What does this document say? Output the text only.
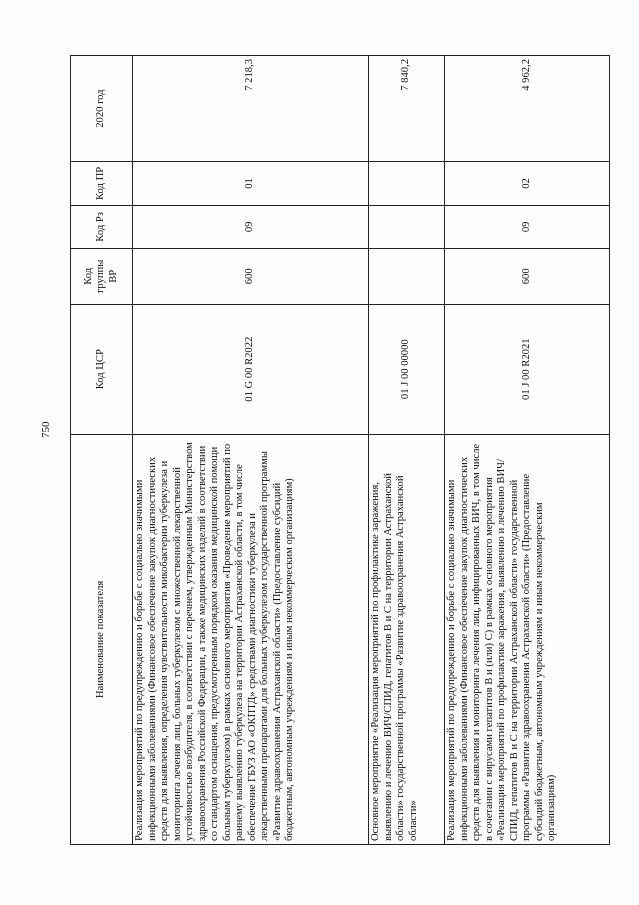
750
Наименование показателя	Код ЦСР	Код группы ВР	Код Рз	Код ПР	2020 год
Реализация мероприятий по предупреждению и борьбе с социально значимыми инфекционными заболеваниями (Финансовое обеспечение закупок диагностических средств для выявления, определения чувствительности микобактерии туберкулеза и мониторинга лечения лиц, больных туберкулезом с множественной лекарственной устойчивостью возбудителя, в соответствии с перечнем, утвержденным Министерством здравоохранения Российской Федерации, а также медицинских изделий в соответствии со стандартом оснащения, предусмотренным порядком оказания медицинской помощи больным туберкулезом) в рамках основного мероприятия «Проведение мероприятий по раннему выявлению туберкулеза на территории Астраханской области, в том числе обеспечение ГБУЗ АО «ОКПТД» средствами диагностики туберкулеза и лекарственными препаратами для больных туберкулезом государственной программы «Развитие здравоохранения Астраханской области» (Предоставление субсидий бюджетным, автономным учреждениям и иным некоммерческим организациям)	01 G 00 R2022	600	09	01	7 218,3
Основное мероприятие «Реализация мероприятий по профилактике заражения, выявлению и лечению ВИЧ/СПИД, гепатитов В и С на территории Астраханской области» государственной программы «Развитие здравоохранения Астраханской области»	01 J 00 00000				7 840,2
Реализация мероприятий по предупреждению и борьбе с социально значимыми инфекционными заболеваниями (Финансовое обеспечение закупок диагностических средств для выявления и мониторинга лечения лиц, инфицированных ВИЧ, в том числе в сочетании с вирусами гепатитов В и (или) С) в рамках основного мероприятия «Реализация мероприятий по профилактике заражения, выявлению и лечению ВИЧ/СПИД, гепатитов В и С на территории Астраханской области» государственной программы «Развитие здравоохранения Астраханской области» (Предоставление субсидий бюджетным, автономным учреждениям и иным некоммерческим организациям)	01 J 00 R2021	600	09	02	4 962,2
